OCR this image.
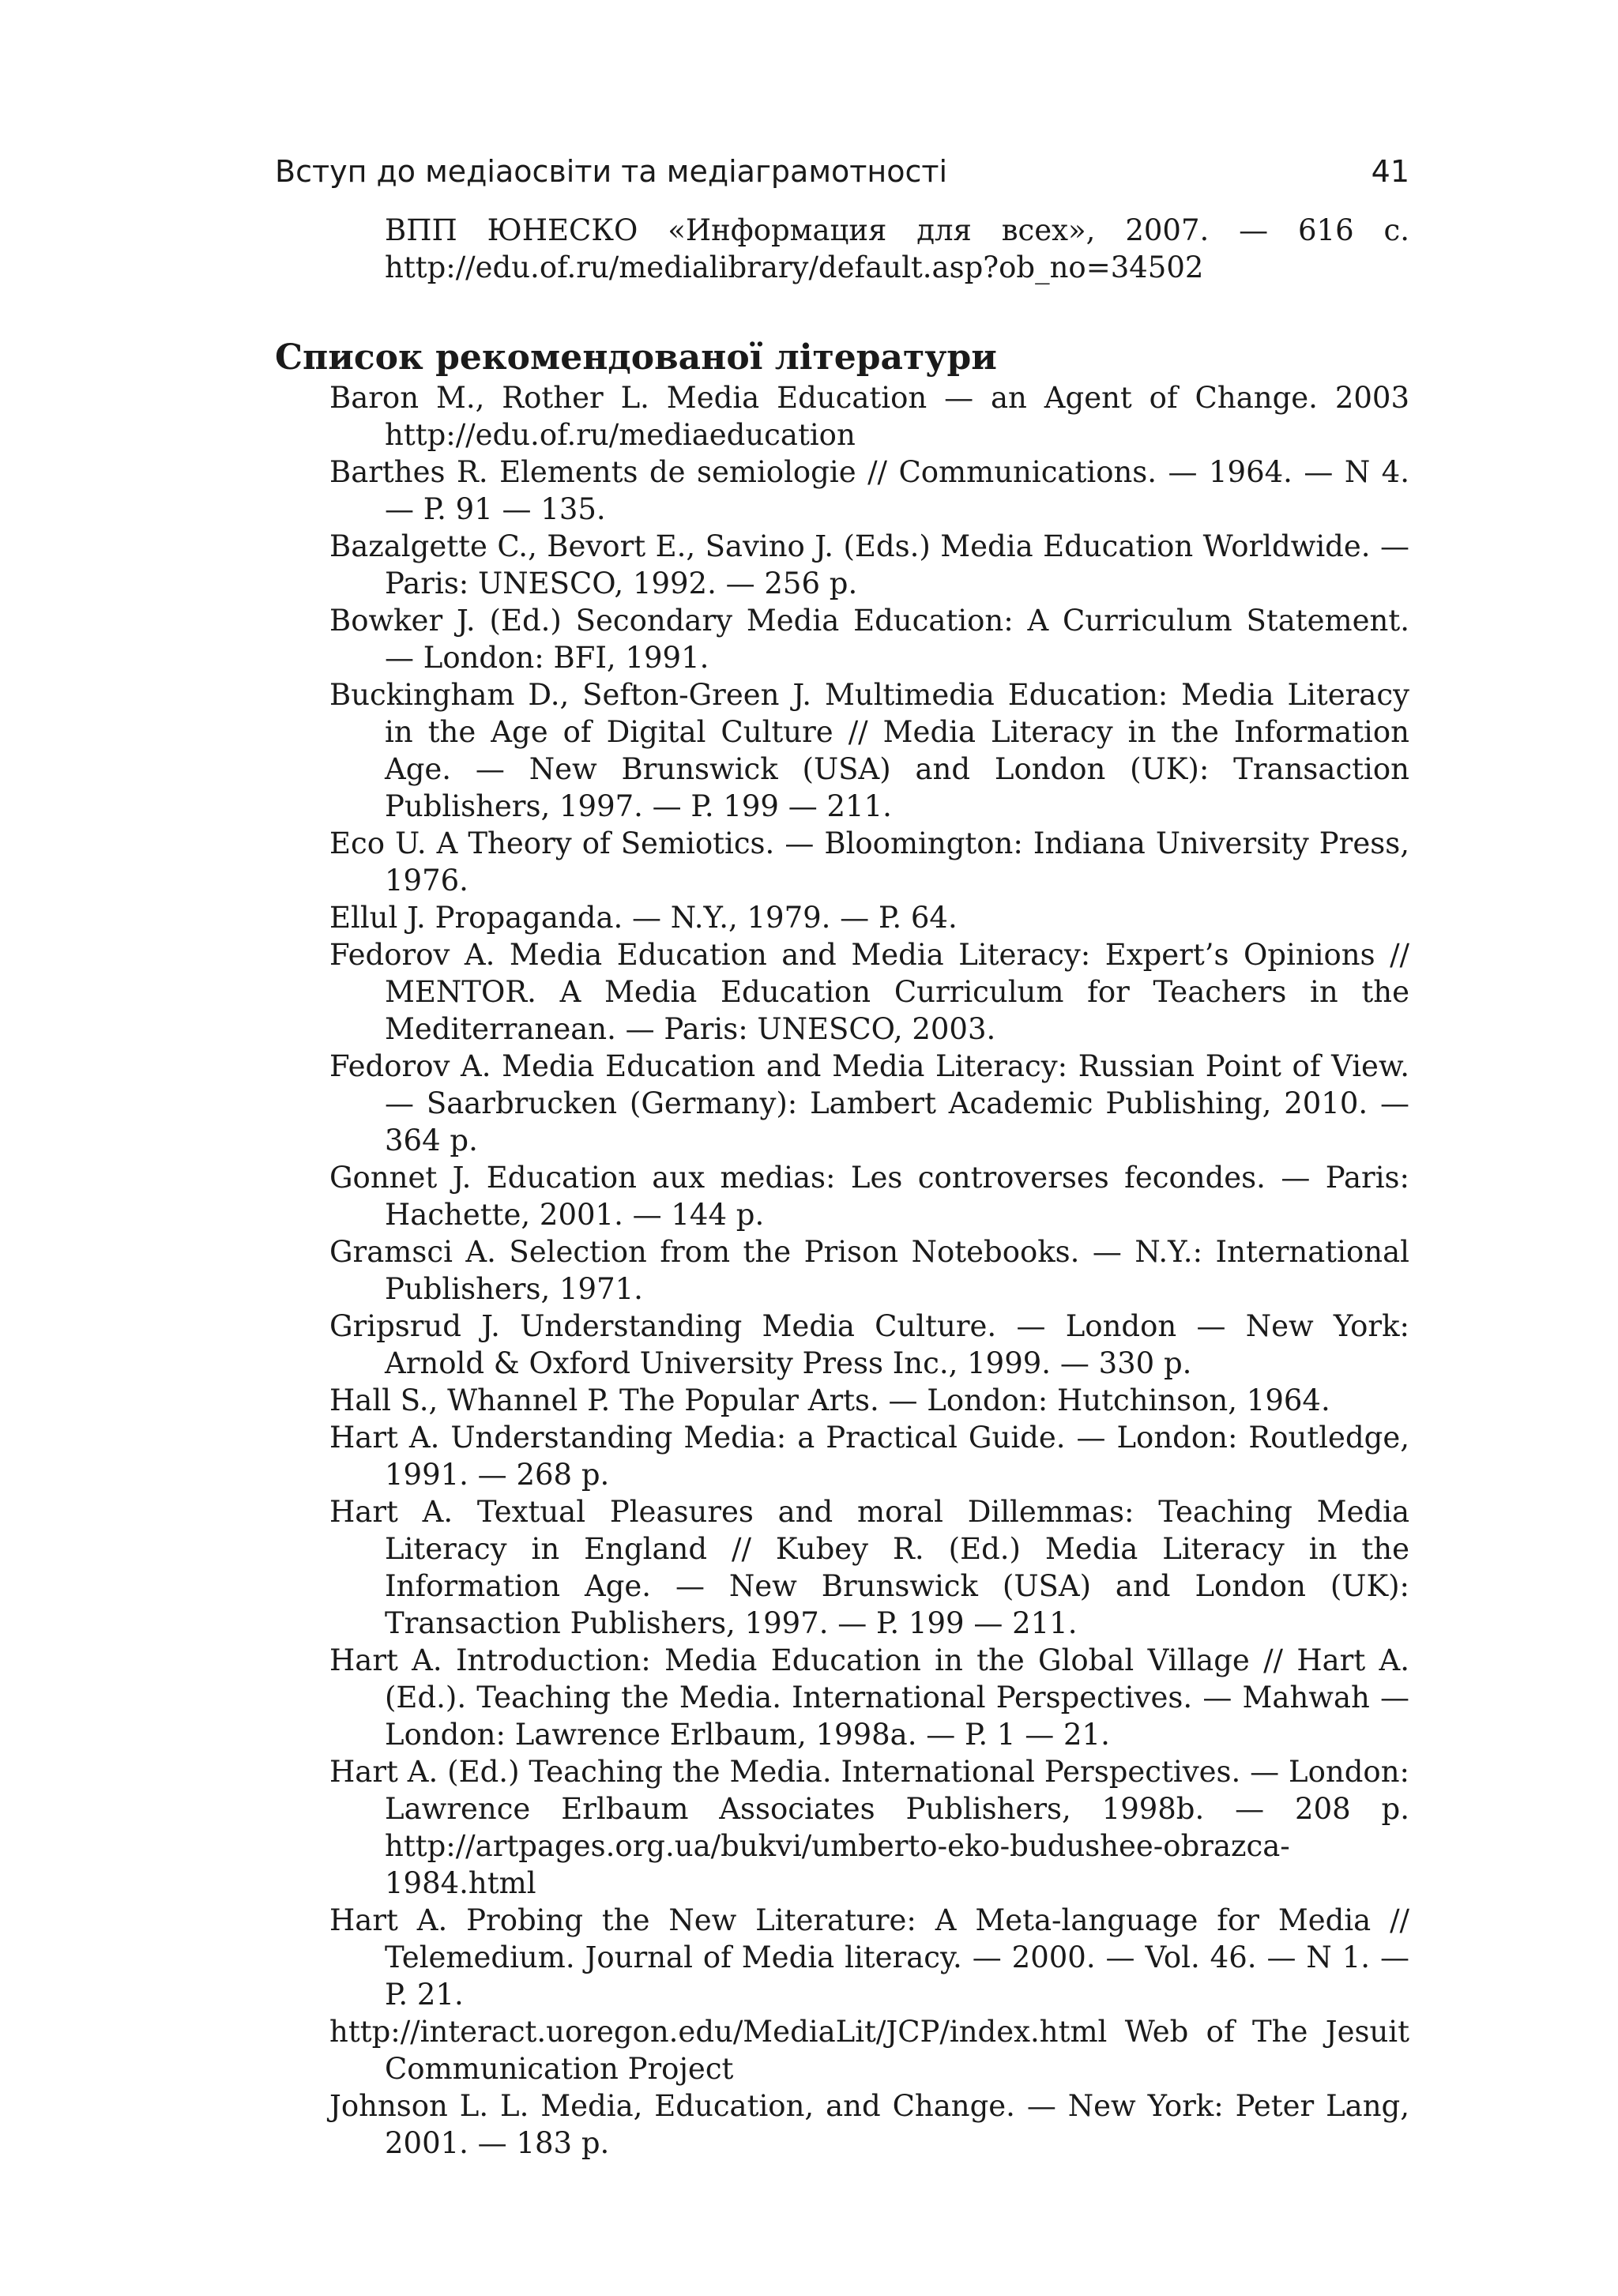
Вступ до медіаосвіти та медіаграмотності	41

ВПП ЮНЕСКО «Информация для всех», 2007. — 616 с. http://edu.of.ru/medialibrary/default.asp?ob_no=34502

Список рекомендованої літератури
Baron M., Rother L. Media Education — an Agent of Change. 2003 http://edu.of.ru/mediaeducation
Barthes R. Elements de semiologie // Communications. — 1964. — N 4. — P. 91 — 135.
Bazalgette C., Bevort E., Savino J. (Eds.) Media Education Worldwide. — Paris: UNESCO, 1992. — 256 p.
Bowker J. (Ed.) Secondary Media Education: A Curriculum Statement. — London: BFI, 1991.
Buckingham D., Sefton-Green J. Multimedia Education: Media Literacy in the Age of Digital Culture // Media Literacy in the Information Age. — New Brunswick (USA) and London (UK): Transaction Publishers, 1997. — P. 199 — 211.
Eco U. A Theory of Semiotics. — Bloomington: Indiana University Press, 1976.
Ellul J. Propaganda. — N.Y., 1979. — P. 64.
Fedorov A. Media Education and Media Literacy: Expert’s Opinions // MENTOR. A Media Education Curriculum for Teachers in the Mediterranean. — Paris: UNESCO, 2003.
Fedorov A. Media Education and Media Literacy: Russian Point of View. — Saarbrucken (Germany): Lambert Academic Publishing, 2010. — 364 p.
Gonnet J. Education aux medias: Les controverses fecondes. — Paris: Hachette, 2001. — 144 p.
Gramsci A. Selection from the Prison Notebooks. — N.Y.: International Publishers, 1971.
Gripsrud J. Understanding Media Culture. — London — New York: Arnold & Oxford University Press Inc., 1999. — 330 p.
Hall S., Whannel P. The Popular Arts. — London: Hutchinson, 1964.
Hart A. Understanding Media: a Practical Guide. — London: Routledge, 1991. — 268 p.
Hart A. Textual Pleasures and moral Dillemmas: Teaching Media Literacy in England // Kubey R. (Ed.) Media Literacy in the Information Age. — New Brunswick (USA) and London (UK): Transaction Publishers, 1997. — P. 199 — 211.
Hart A. Introduction: Media Education in the Global Village // Hart A. (Ed.). Teaching the Media. International Perspectives. — Mahwah — London: Lawrence Erlbaum, 1998a. — P. 1 — 21.
Hart A. (Ed.) Teaching the Media. International Perspectives. — London: Lawrence Erlbaum Associates Publishers, 1998b. — 208 p. http://artpages.org.ua/bukvi/umberto-eko-budushee-obrazca-1984.html
Hart A. Probing the New Literature: A Meta-language for Media // Telemedium. Journal of Media literacy. — 2000. — Vol. 46. — N 1. — P. 21.
http://interact.uoregon.edu/MediaLit/JCP/index.html Web of The Jesuit Communication Project
Johnson L. L. Media, Education, and Change. — New York: Peter Lang, 2001. — 183 p.
